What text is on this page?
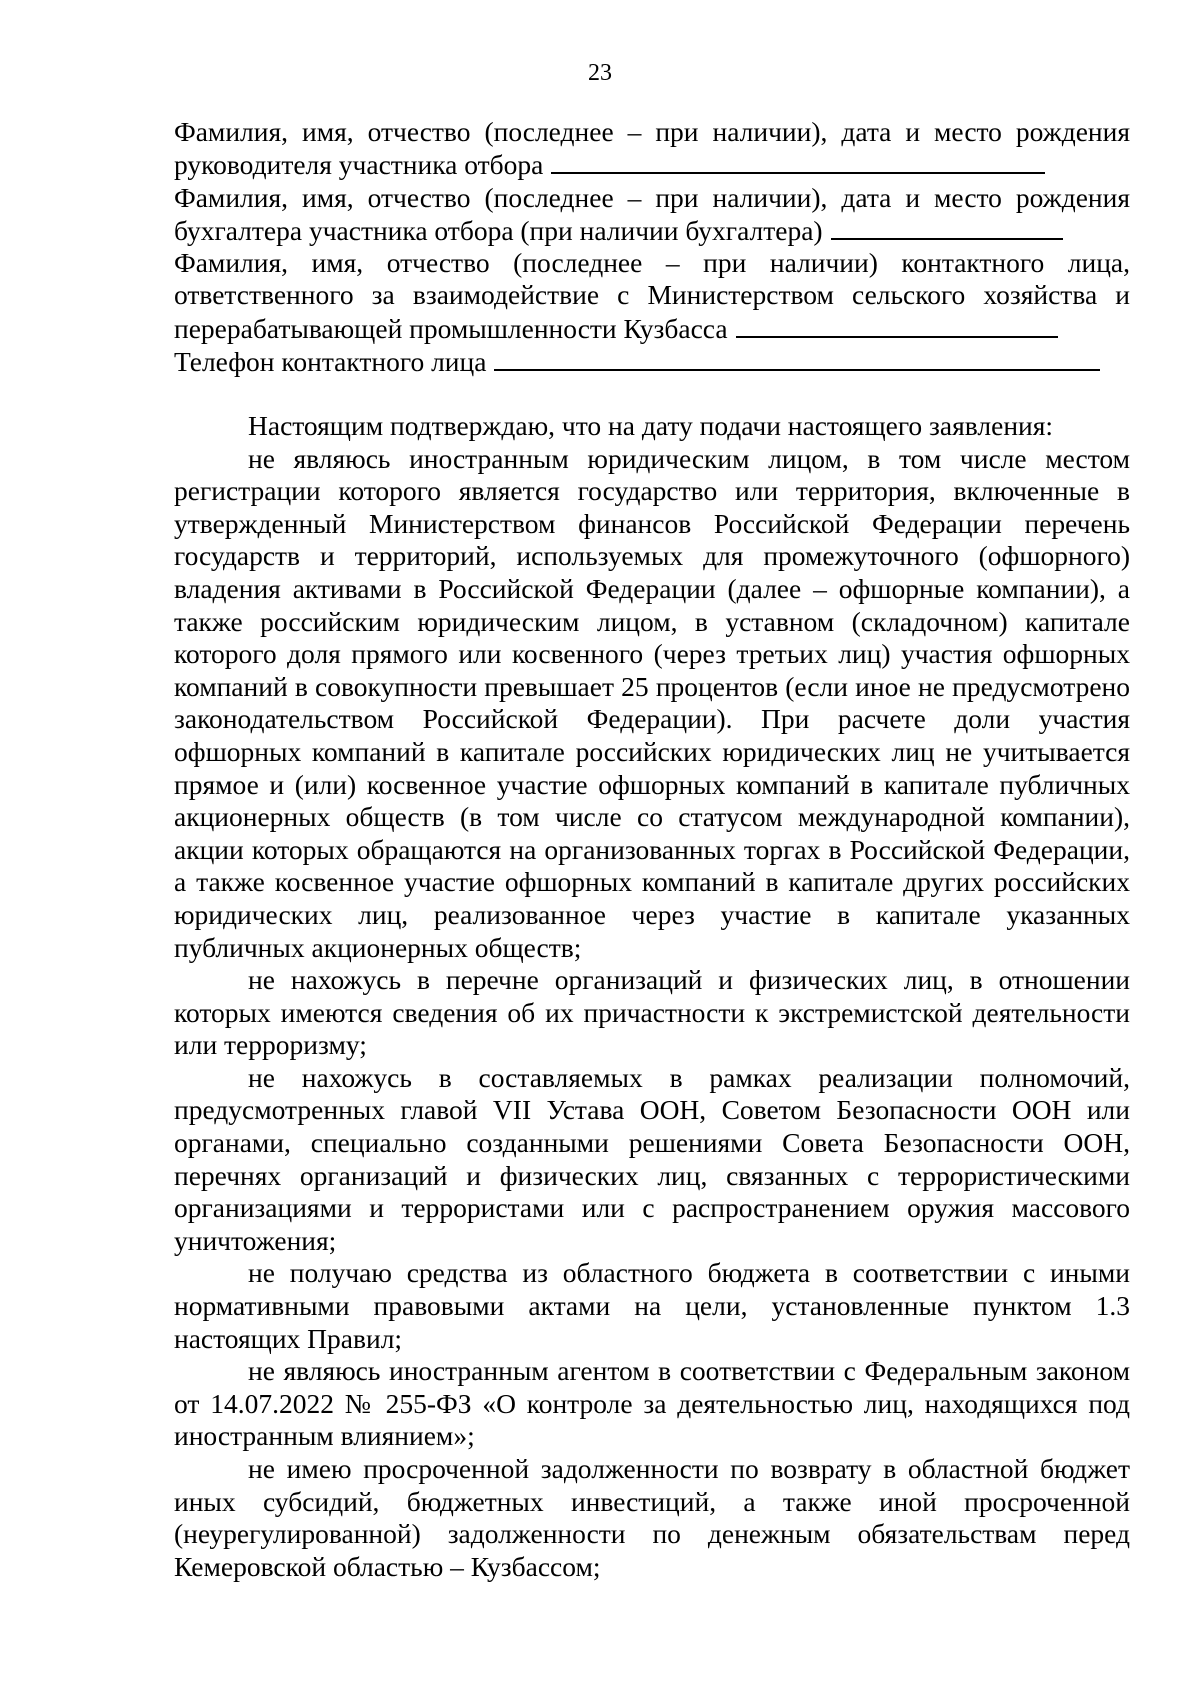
23

Фамилия, имя, отчество (последнее – при наличии), дата и место рождения

руководителя участника отбора

Фамилия, имя, отчество (последнее – при наличии), дата и место рождения

бухгалтера участника отбора (при наличии бухгалтера)

Фамилия, имя, отчество (последнее – при наличии) контактного лица,

ответственного за взаимодействие с Министерством сельского хозяйства и

перерабатывающей промышленности Кузбасса
Телефон контактного лица

Настоящим подтверждаю, что на дату подачи настоящего заявления:

не являюсь иностранным юридическим лицом, в том числе местом регистрации которого является государство или территория, включенные в утвержденный Министерством финансов Российской Федерации перечень государств и территорий, используемых для промежуточного (офшорного) владения активами в Российской Федерации (далее – офшорные компании), а также российским юридическим лицом, в уставном (складочном) капитале которого доля прямого или косвенного (через третьих лиц) участия офшорных компаний в совокупности превышает 25 процентов (если иное не предусмотрено законодательством Российской Федерации). При расчете доли участия офшорных компаний в капитале российских юридических лиц не учитывается прямое и (или) косвенное участие офшорных компаний в капитале публичных акционерных обществ (в том числе со статусом международной компании), акции которых обращаются на организованных торгах в Российской Федерации, а также косвенное участие офшорных компаний в капитале других российских юридических лиц, реализованное через участие в капитале указанных публичных акционерных обществ;

не нахожусь в перечне организаций и физических лиц, в отношении которых имеются сведения об их причастности к экстремистской деятельности или терроризму;

не нахожусь в составляемых в рамках реализации полномочий, предусмотренных главой VII Устава ООН, Советом Безопасности ООН или органами, специально созданными решениями Совета Безопасности ООН, перечнях организаций и физических лиц, связанных с террористическими организациями и террористами или с распространением оружия массового уничтожения;

не получаю средства из областного бюджета в соответствии с иными нормативными правовыми актами на цели, установленные пунктом 1.3 настоящих Правил;

не являюсь иностранным агентом в соответствии с Федеральным законом от 14.07.2022 № 255-ФЗ «О контроле за деятельностью лиц, находящихся под иностранным влиянием»;

не имею просроченной задолженности по возврату в областной бюджет иных субсидий, бюджетных инвестиций, а также иной просроченной (неурегулированной) задолженности по денежным обязательствам перед Кемеровской областью – Кузбассом;
